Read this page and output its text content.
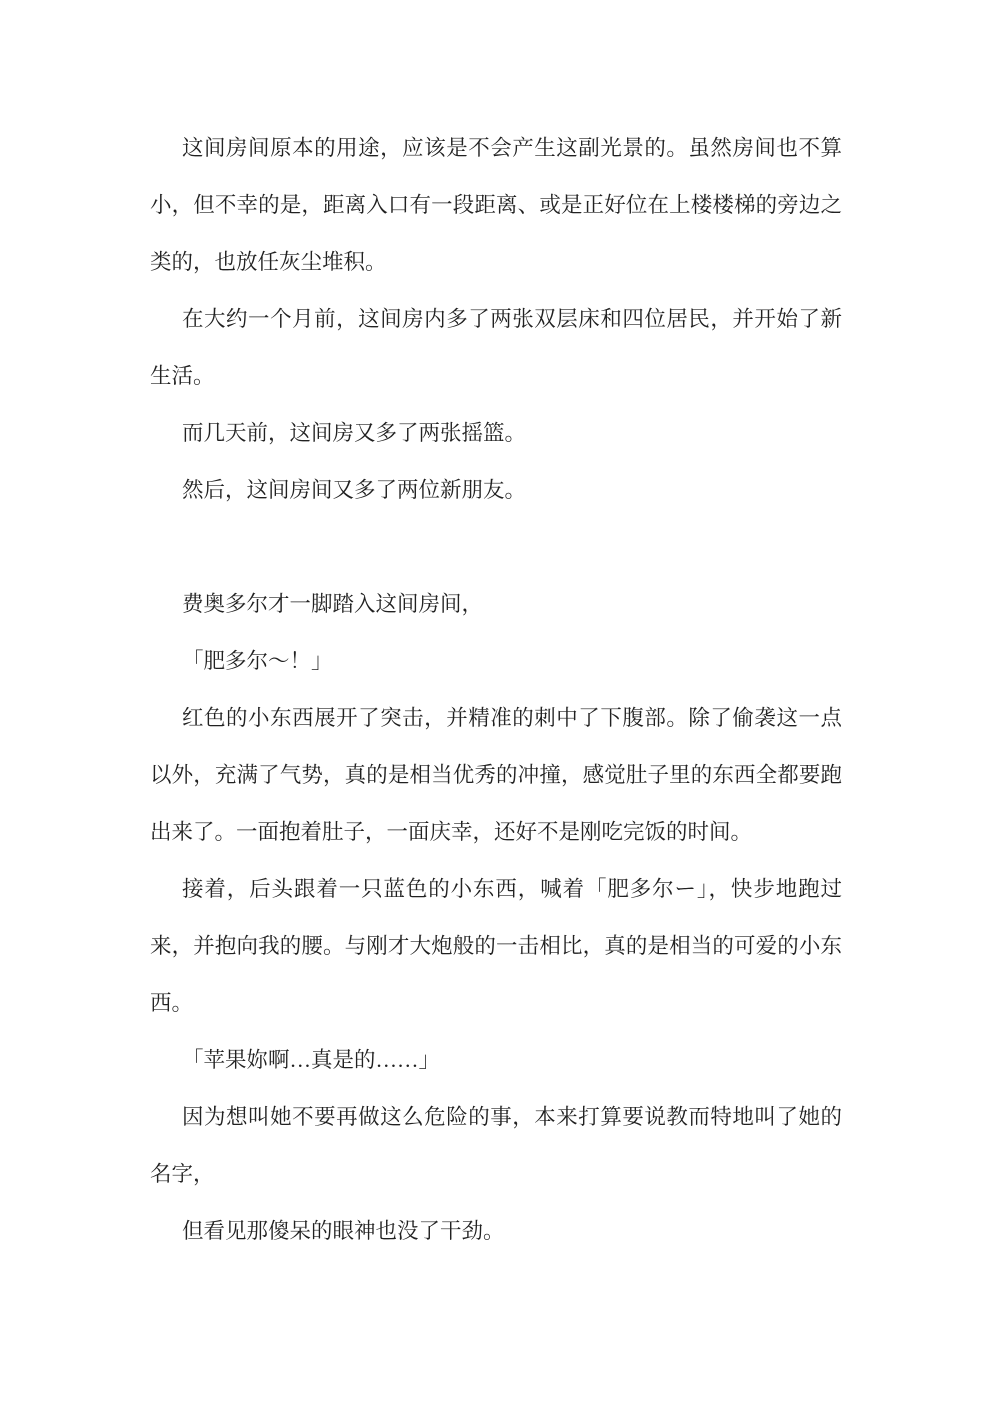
这间房间原本的用途，应该是不会产生这副光景的。虽然房间也不算小，但不幸的是，距离入口有一段距离、或是正好位在上楼楼梯的旁边之类的，也放任灰尘堆积。

在大约一个月前，这间房内多了两张双层床和四位居民，并开始了新生活。

而几天前，这间房又多了两张摇篮。

然后，这间房间又多了两位新朋友。

费奥多尔才一脚踏入这间房间，

「肥多尔～！」

红色的小东西展开了突击，并精准的刺中了下腹部。除了偷袭这一点以外，充满了气势，真的是相当优秀的冲撞，感觉肚子里的东西全都要跑出来了。一面抱着肚子，一面庆幸，还好不是刚吃完饭的时间。

接着，后头跟着一只蓝色的小东西，喊着「肥多尔ー」，快步地跑过来，并抱向我的腰。与刚才大炮般的一击相比，真的是相当的可爱的小东西。

「苹果妳啊…真是的……」

因为想叫她不要再做这么危险的事，本来打算要说教而特地叫了她的名字，

但看见那傻呆的眼神也没了干劲。
